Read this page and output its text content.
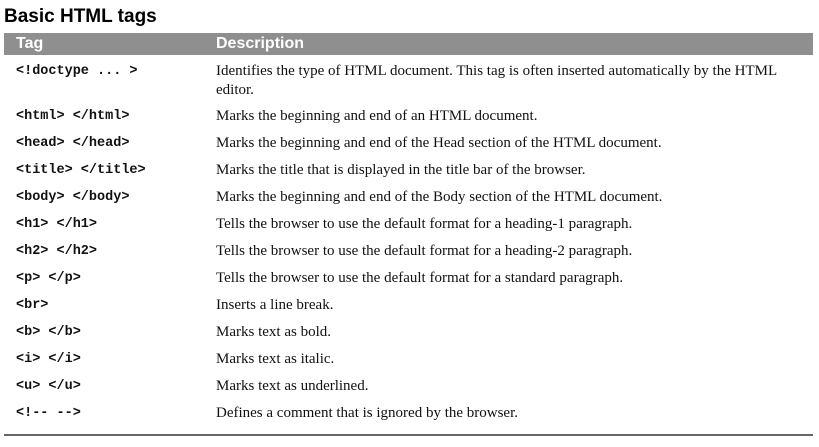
Basic HTML tags
Tag	Description
<!doctype ... >	Identifies the type of HTML document. This tag is often inserted automatically by the HTML editor.
<html> </html>	Marks the beginning and end of an HTML document.
<head> </head>	Marks the beginning and end of the Head section of the HTML document.
<title> </title>	Marks the title that is displayed in the title bar of the browser.
<body> </body>	Marks the beginning and end of the Body section of the HTML document.
<h1> </h1>	Tells the browser to use the default format for a heading-1 paragraph.
<h2> </h2>	Tells the browser to use the default format for a heading-2 paragraph.
<p> </p>	Tells the browser to use the default format for a standard paragraph.
<br>	Inserts a line break.
<b> </b>	Marks text as bold.
<i> </i>	Marks text as italic.
<u> </u>	Marks text as underlined.
<!-- -->	Defines a comment that is ignored by the browser.
